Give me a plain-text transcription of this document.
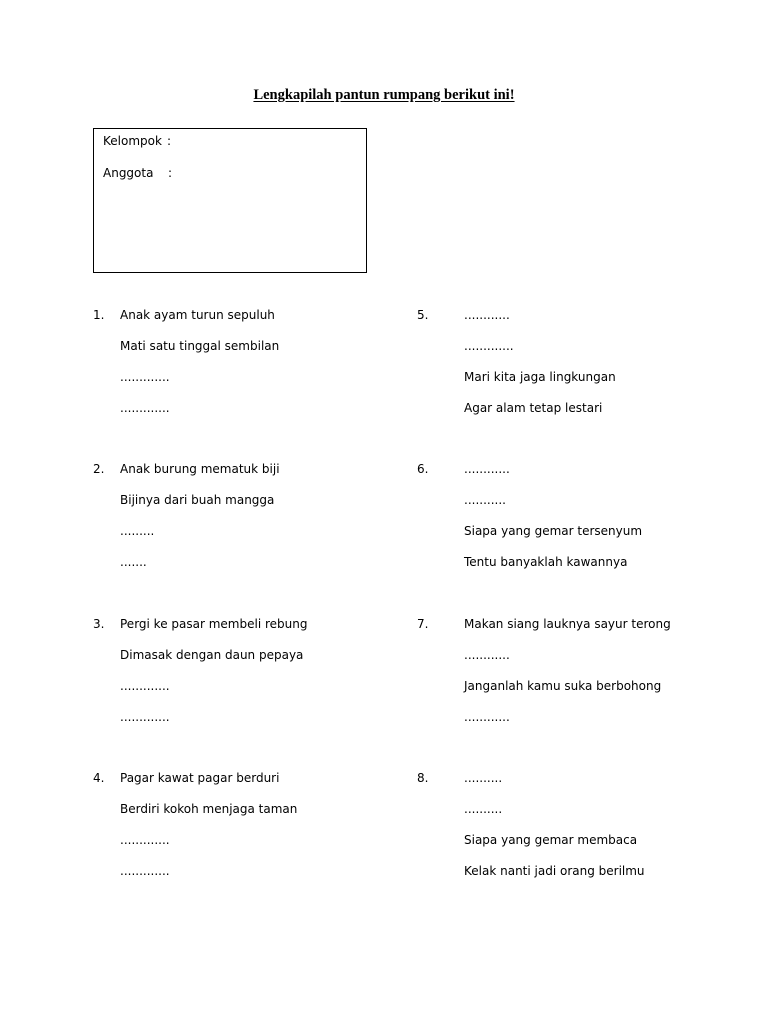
Lengkapilah pantun rumpang berikut ini!
Kelompok :
Anggota :
1. Anak ayam turun sepuluh
Mati satu tinggal sembilan
.............
.............
2. Anak burung mematuk biji
Bijinya dari buah mangga
.........
.......
3. Pergi ke pasar membeli rebung
Dimasak dengan daun pepaya
.............
.............
4. Pagar kawat pagar berduri
Berdiri kokoh menjaga taman
.............
.............
5.	............
.............
Mari kita jaga lingkungan
Agar alam tetap lestari
6.	............
...........
Siapa yang gemar tersenyum
Tentu banyaklah kawannya
7.	Makan siang lauknya sayur terong
............
Janganlah kamu suka berbohong
............
8.	..........
..........
Siapa yang gemar membaca
Kelak nanti jadi orang berilmu
